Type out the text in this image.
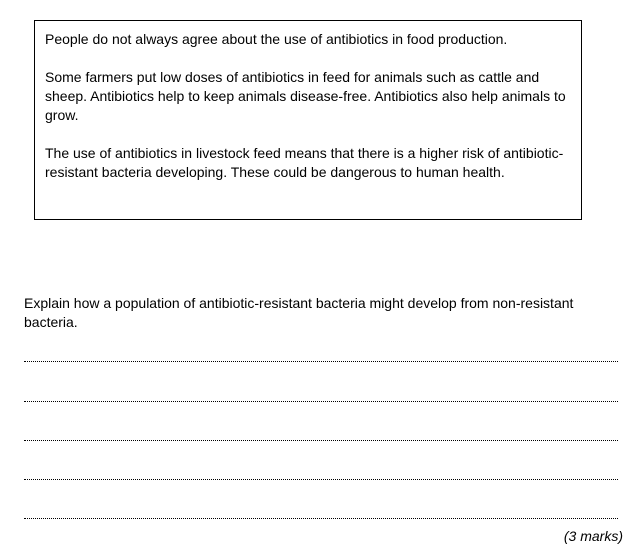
People do not always agree about the use of antibiotics in food production.

Some farmers put low doses of antibiotics in feed for animals such as cattle and sheep. Antibiotics help to keep animals disease-free. Antibiotics also help animals to grow.

The use of antibiotics in livestock feed means that there is a higher risk of antibiotic-resistant bacteria developing. These could be dangerous to human health.

Explain how a population of antibiotic-resistant bacteria might develop from non-resistant bacteria.

(3 marks)
